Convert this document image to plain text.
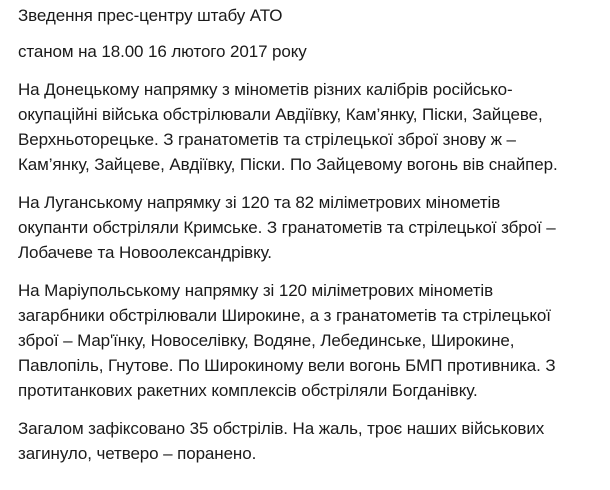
Зведення прес-центру штабу АТО

станом на 18.00 16 лютого 2017 року

На Донецькому напрямку з мінометів різних калібрів російсько-
окупаційні війська обстрілювали Авдіївку, Кам’янку, Піски, Зайцеве,
Верхньоторецьке. З гранатометів та стрілецької зброї знову ж –
Кам’янку, Зайцеве, Авдіївку, Піски. По Зайцевому вогонь вів снайпер.

На Луганському напрямку зі 120 та 82 міліметрових мінометів
окупанти обстріляли Кримське. З гранатометів та стрілецької зброї –
Лобачеве та Новоолександрівку.

На Маріупольському напрямку зі 120 міліметрових мінометів
загарбники обстрілювали Широкине, а з гранатометів та стрілецької
зброї – Мар'їнку, Новоселівку, Водяне, Лебединське, Широкине,
Павлопіль, Гнутове. По Широкиному вели вогонь БМП противника. З
протитанкових ракетних комплексів обстріляли Богданівку.

Загалом зафіксовано 35 обстрілів. На жаль, троє наших військових
загинуло, четверо – поранено.
